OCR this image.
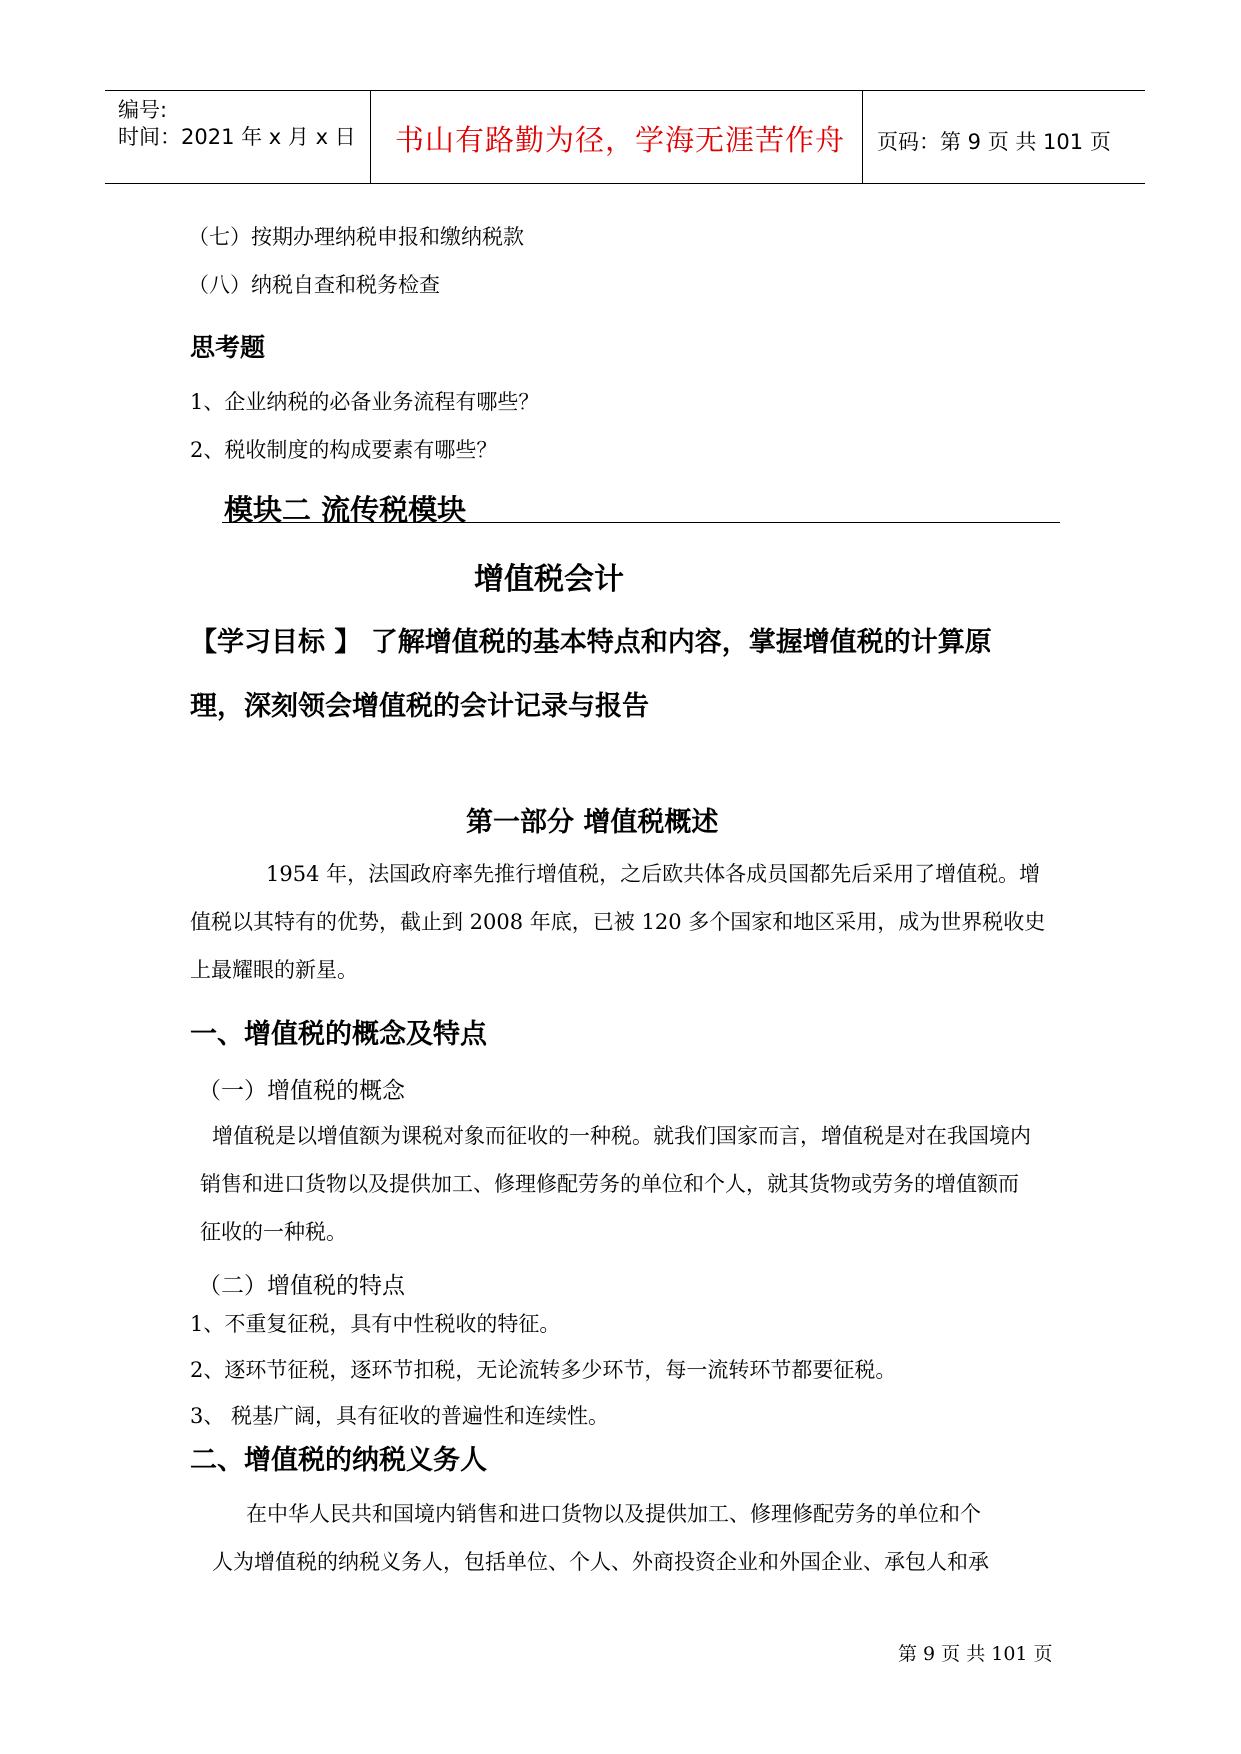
编号:
时间：2021 年 x 月 x 日 书山有路勤为径，学海无涯苦作舟 页码：第 9 页 共 101 页
（七）按期办理纳税申报和缴纳税款
（八）纳税自查和税务检查
思考题
1、企业纳税的必备业务流程有哪些？
2、税收制度的构成要素有哪些？
模块二 流传税模块
增值税会计
【学习目标 】 了解增值税的基本特点和内容，掌握增值税的计算原
理，深刻领会增值税的会计记录与报告
第一部分 增值税概述
1954 年，法国政府率先推行增值税，之后欧共体各成员国都先后采用了增值税。增
值税以其特有的优势，截止到 2008 年底，已被 120 多个国家和地区采用，成为世界税收史
上最耀眼的新星。
一、增值税的概念及特点
（一）增值税的概念
增值税是以增值额为课税对象而征收的一种税。就我们国家而言，增值税是对在我国境内
销售和进口货物以及提供加工、修理修配劳务的单位和个人，就其货物或劳务的增值额而
征收的一种税。
（二）增值税的特点
1、不重复征税，具有中性税收的特征。
2、逐环节征税，逐环节扣税，无论流转多少环节，每一流转环节都要征税。
3、 税基广阔，具有征收的普遍性和连续性。
二、增值税的纳税义务人
在中华人民共和国境内销售和进口货物以及提供加工、修理修配劳务的单位和个
人为增值税的纳税义务人，包括单位、个人、外商投资企业和外国企业、承包人和承
第 9 页 共 101 页
